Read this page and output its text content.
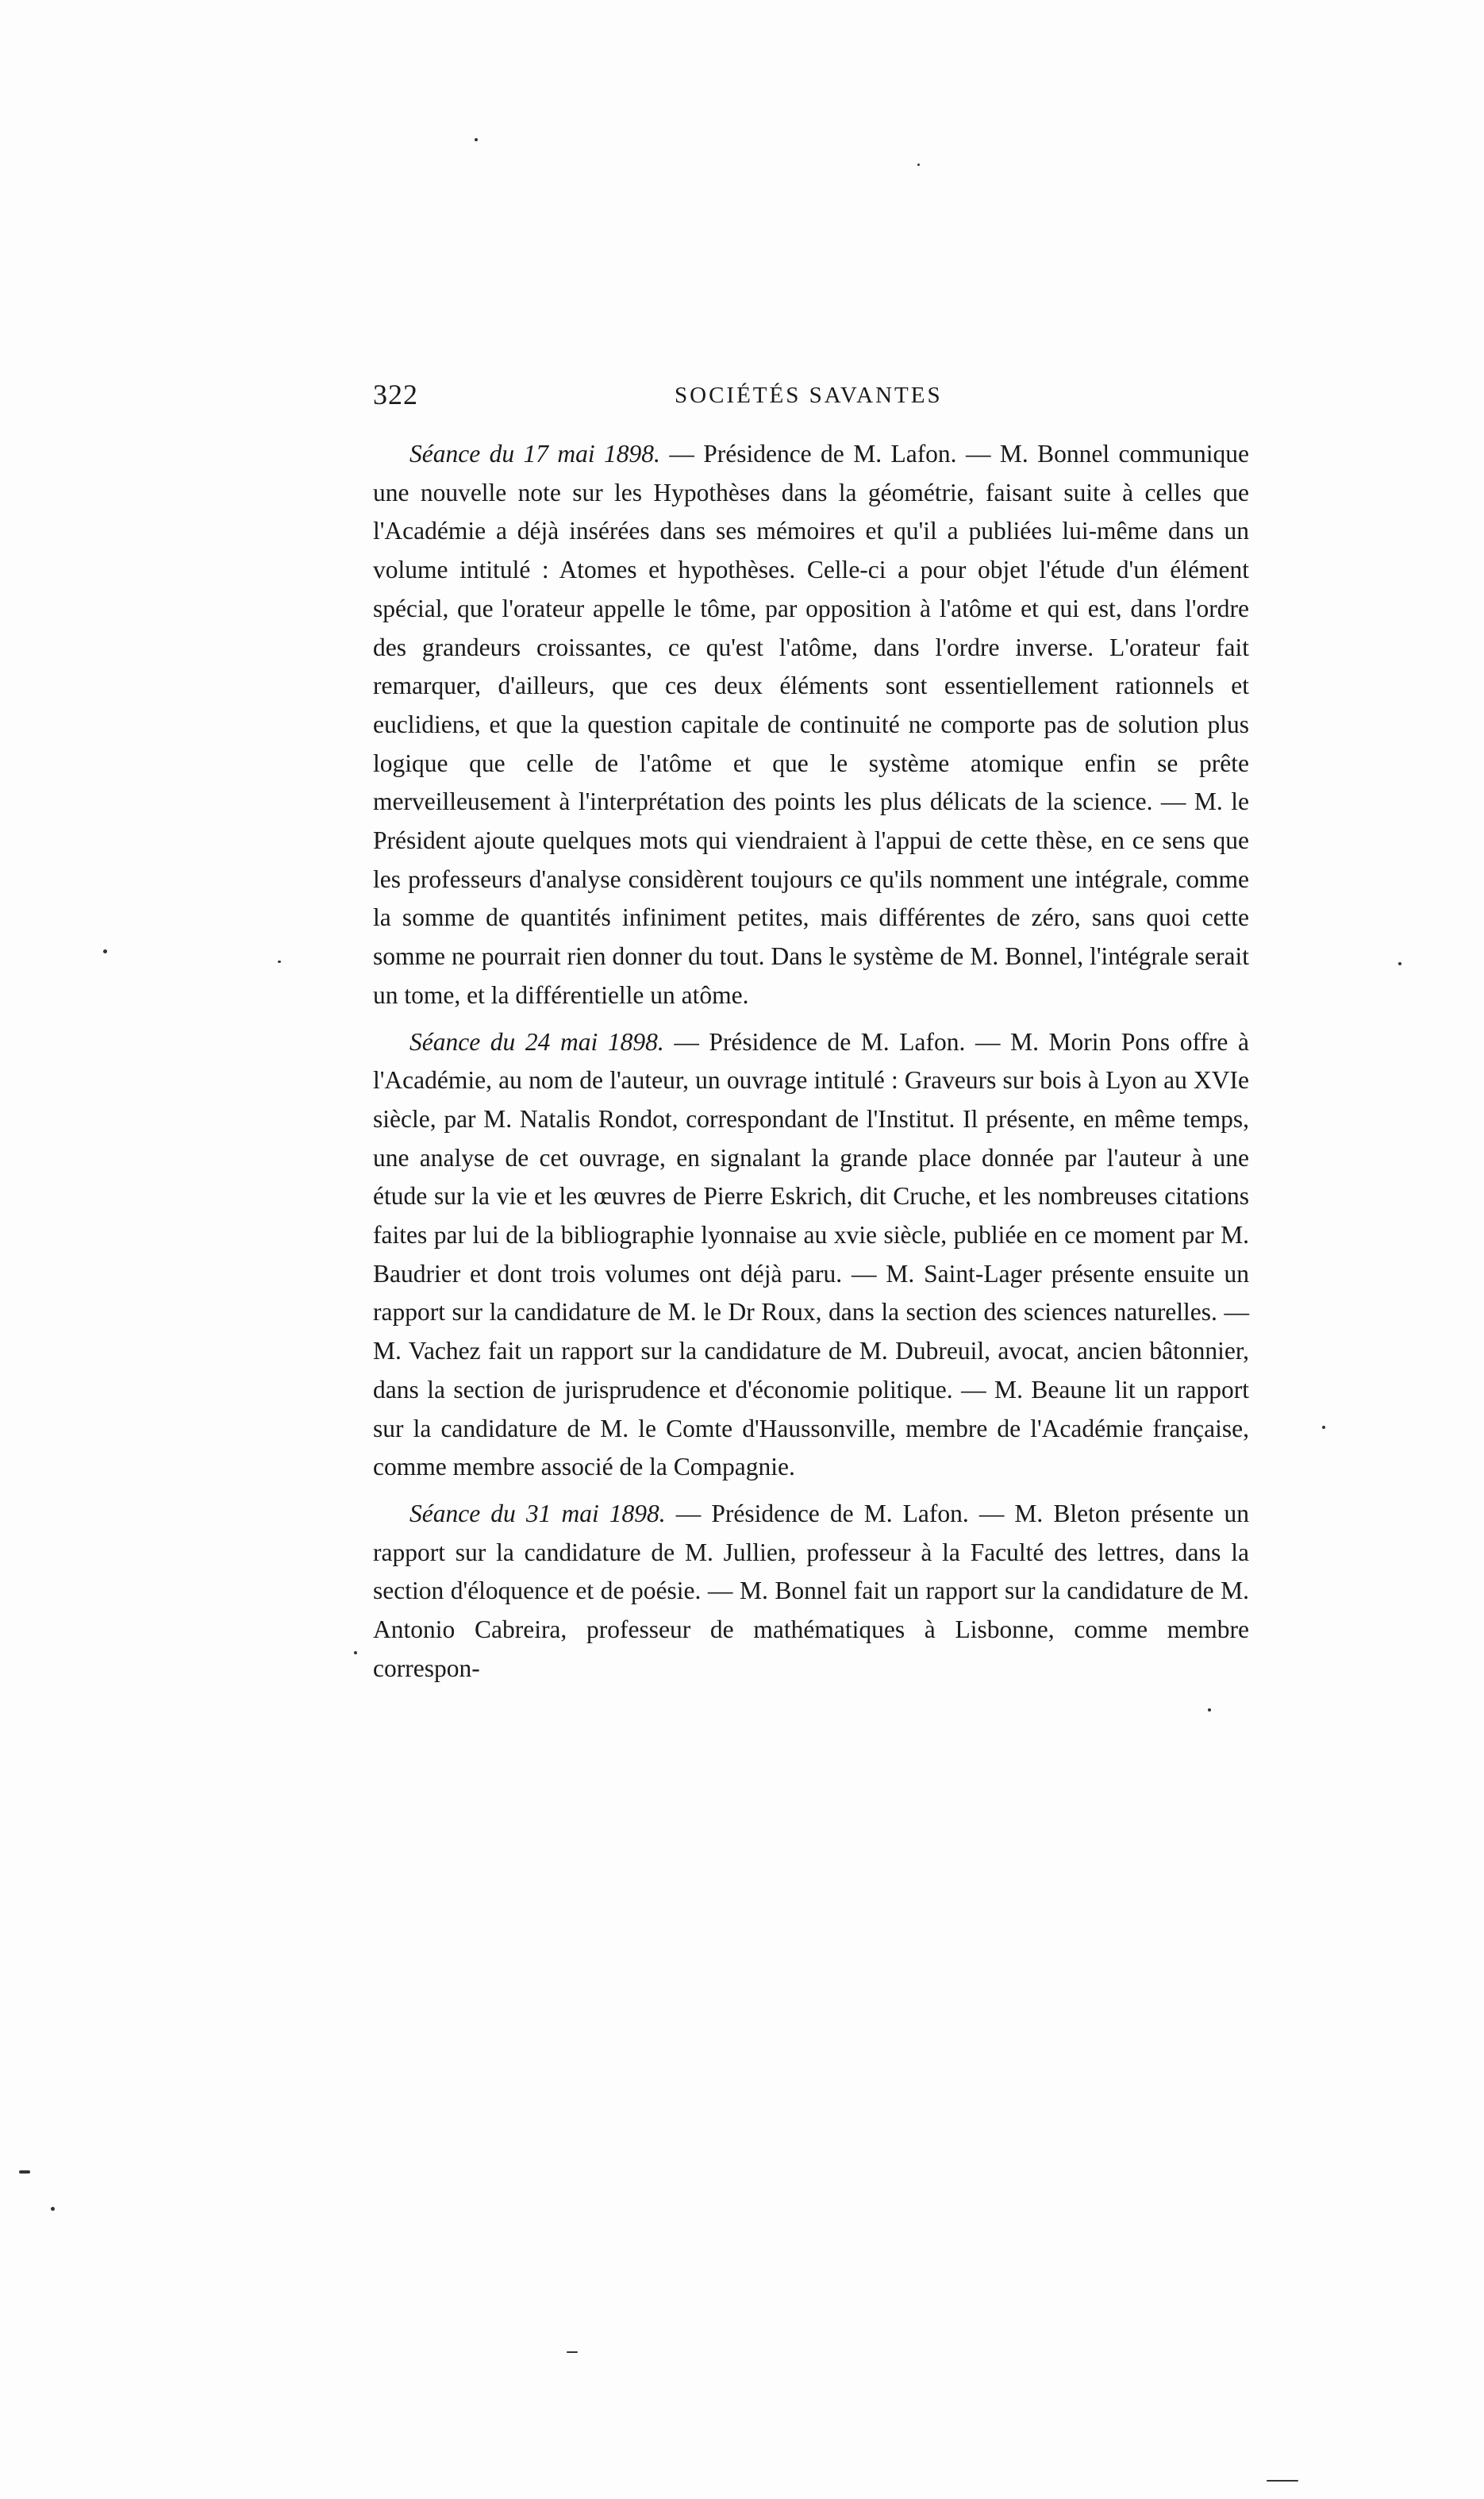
322	SOCIÉTÉS SAVANTES

Séance du 17 mai 1898. — Présidence de M. Lafon. — M. Bonnel communique une nouvelle note sur les Hypothèses dans la géométrie, faisant suite à celles que l'Académie a déjà insérées dans ses mémoires et qu'il a publiées lui-même dans un volume intitulé : Atomes et hypothèses. Celle-ci a pour objet l'étude d'un élément spécial, que l'orateur appelle le tôme, par opposition à l'atôme et qui est, dans l'ordre des grandeurs croissantes, ce qu'est l'atôme, dans l'ordre inverse. L'orateur fait remarquer, d'ailleurs, que ces deux éléments sont essentiellement rationnels et euclidiens, et que la question capitale de continuité ne comporte pas de solution plus logique que celle de l'atôme et que le système atomique enfin se prête merveilleusement à l'interprétation des points les plus délicats de la science. — M. le Président ajoute quelques mots qui viendraient à l'appui de cette thèse, en ce sens que les professeurs d'analyse considèrent toujours ce qu'ils nomment une intégrale, comme la somme de quantités infiniment petites, mais différentes de zéro, sans quoi cette somme ne pourrait rien donner du tout. Dans le système de M. Bonnel, l'intégrale serait un tome, et la différentielle un atôme.

Séance du 24 mai 1898. — Présidence de M. Lafon. — M. Morin Pons offre à l'Académie, au nom de l'auteur, un ouvrage intitulé : Graveurs sur bois à Lyon au XVIe siècle, par M. Natalis Rondot, correspondant de l'Institut. Il présente, en même temps, une analyse de cet ouvrage, en signalant la grande place donnée par l'auteur à une étude sur la vie et les œuvres de Pierre Eskrich, dit Cruche, et les nombreuses citations faites par lui de la bibliographie lyonnaise au xvie siècle, publiée en ce moment par M. Baudrier et dont trois volumes ont déjà paru. — M. Saint-Lager présente ensuite un rapport sur la candidature de M. le Dr Roux, dans la section des sciences naturelles. — M. Vachez fait un rapport sur la candidature de M. Dubreuil, avocat, ancien bâtonnier, dans la section de jurisprudence et d'économie politique. — M. Beaune lit un rapport sur la candidature de M. le Comte d'Haussonville, membre de l'Académie française, comme membre associé de la Compagnie.

Séance du 31 mai 1898. — Présidence de M. Lafon. — M. Bleton présente un rapport sur la candidature de M. Jullien, professeur à la Faculté des lettres, dans la section d'éloquence et de poésie. — M. Bonnel fait un rapport sur la candidature de M. Antonio Cabreira, professeur de mathématiques à Lisbonne, comme membre correspon-
